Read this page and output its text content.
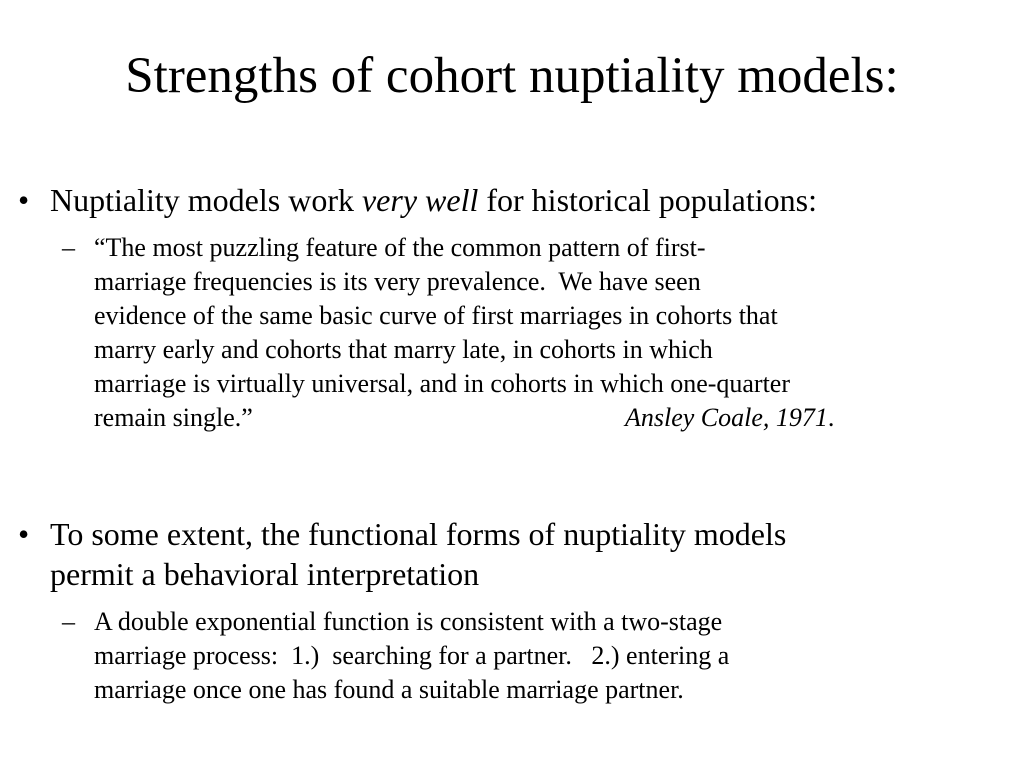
Strengths of cohort nuptiality models:
• Nuptiality models work very well for historical populations:
– “The most puzzling feature of the common pattern of first-
marriage frequencies is its very prevalence.  We have seen
evidence of the same basic curve of first marriages in cohorts that
marry early and cohorts that marry late, in cohorts in which
marriage is virtually universal, and in cohorts in which one-quarter
remain single.”	Ansley Coale, 1971.
• To some extent, the functional forms of nuptiality models
permit a behavioral interpretation
– A double exponential function is consistent with a two-stage
marriage process:  1.)  searching for a partner.   2.) entering a
marriage once one has found a suitable marriage partner.
